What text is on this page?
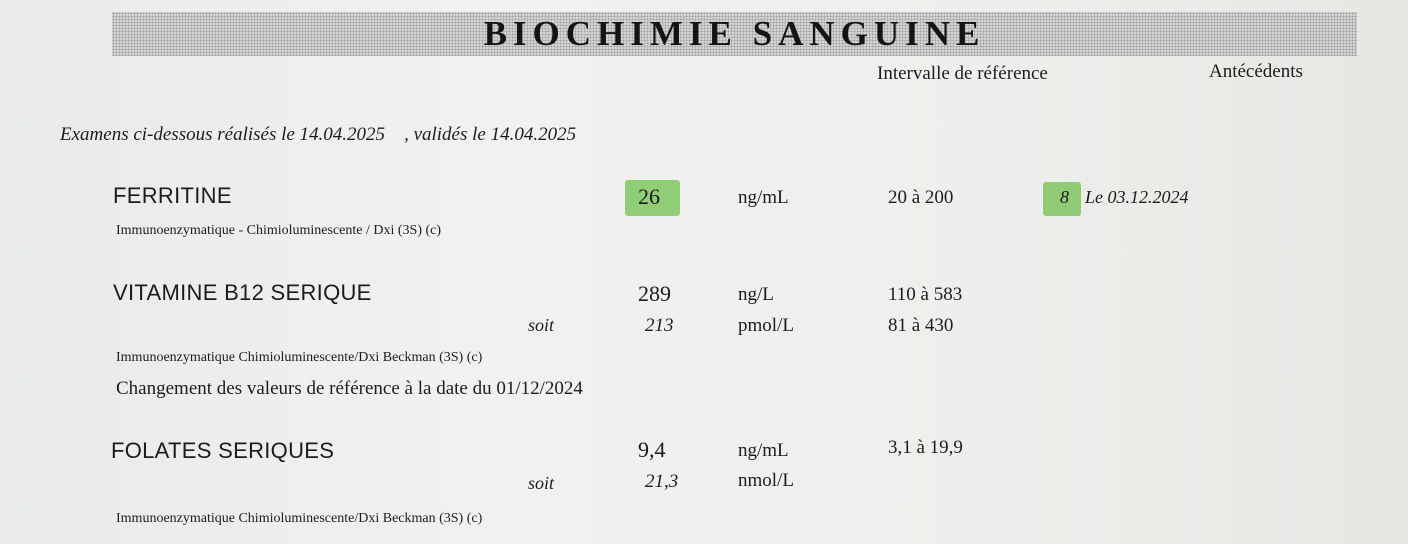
BIOCHIMIE SANGUINE
Intervalle de référence	Antécédents
Examens ci-dessous réalisés le 14.04.2025 , validés le 14.04.2025
FERRITINE	26	ng/mL	20 à 200	8 Le 03.12.2024
Immunoenzymatique - Chimioluminescente / Dxi (3S) (c)
VITAMINE B12 SERIQUE	289	ng/L	110 à 583
soit	213	pmol/L	81 à 430
Immunoenzymatique Chimioluminescente/Dxi Beckman (3S) (c)
Changement des valeurs de référence à la date du 01/12/2024
FOLATES SERIQUES	9,4	ng/mL	3,1 à 19,9
soit	21,3	nmol/L
Immunoenzymatique Chimioluminescente/Dxi Beckman (3S) (c)
